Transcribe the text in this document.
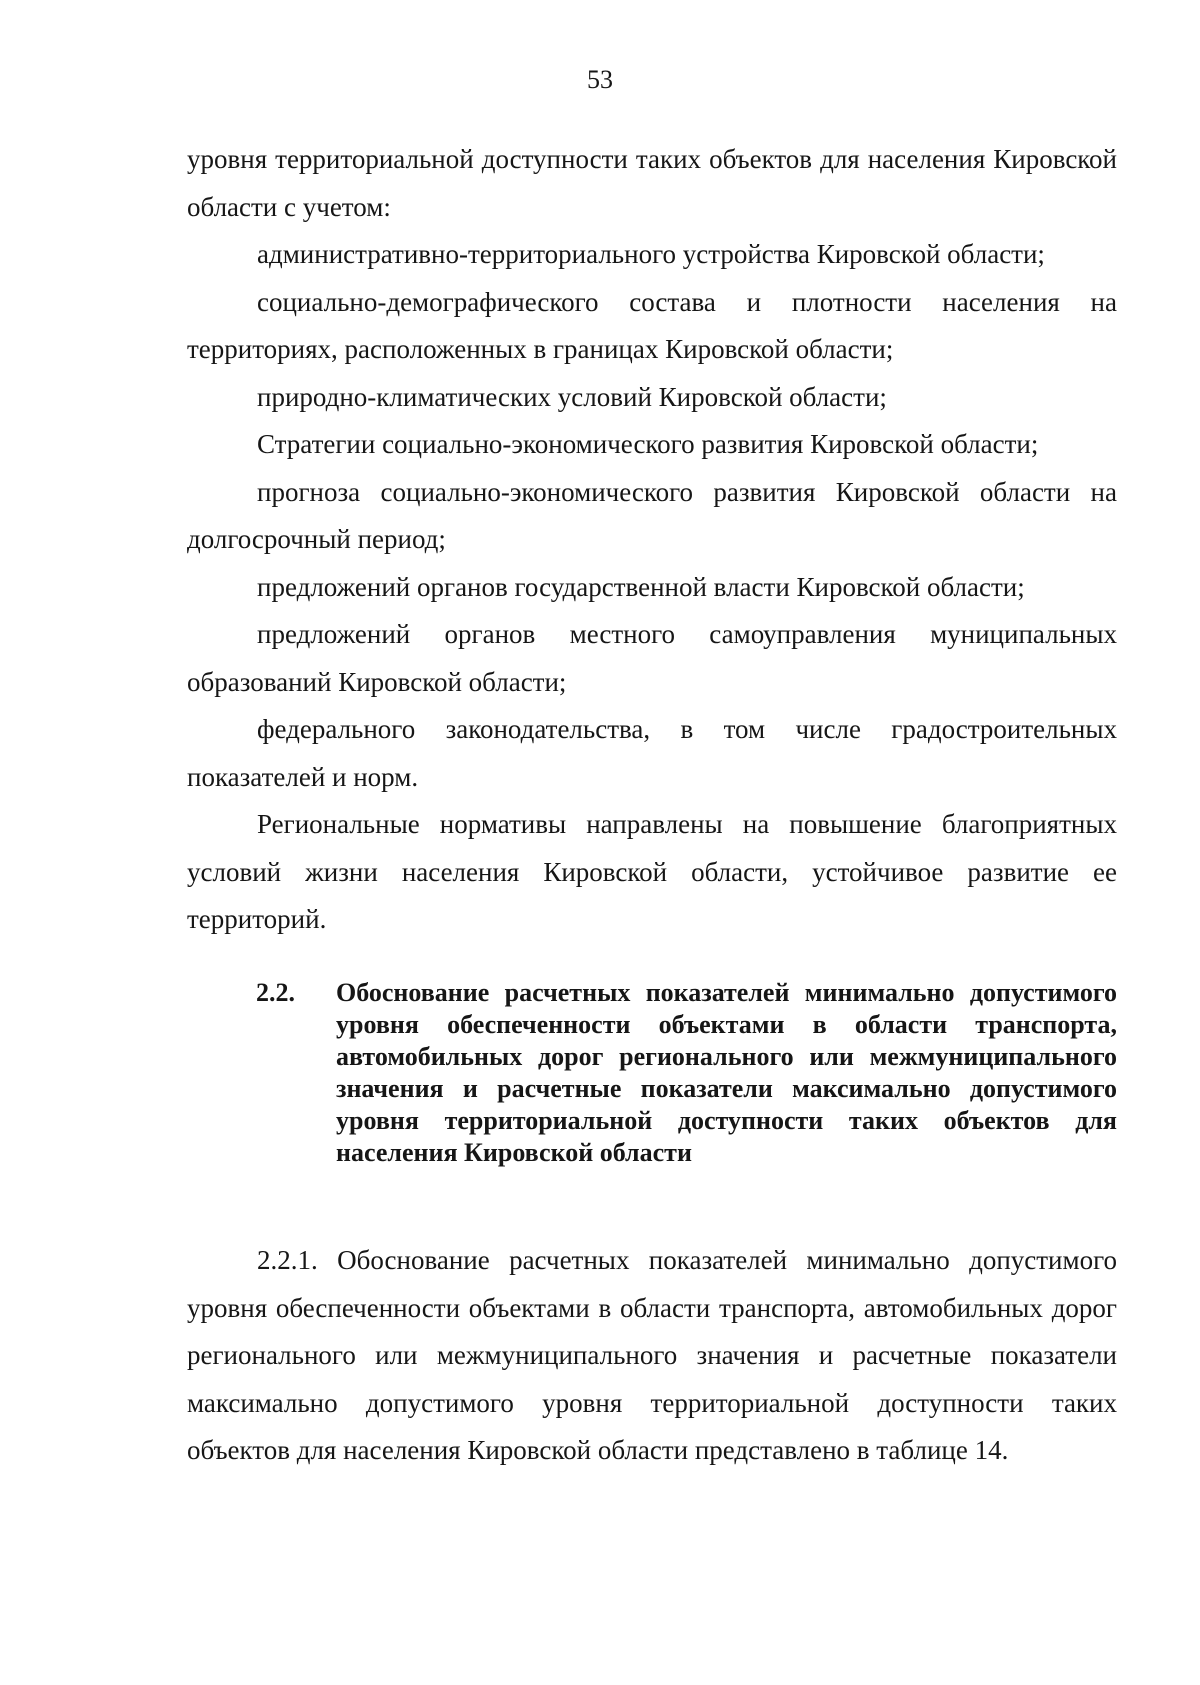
53

уровня территориальной доступности таких объектов для населения Кировской области с учетом:

административно-территориального устройства Кировской области;

социально-демографического состава и плотности населения на территориях, расположенных в границах Кировской области;

природно-климатических условий Кировской области;

Стратегии социально-экономического развития Кировской области;

прогноза социально-экономического развития Кировской области на долгосрочный период;

предложений органов государственной власти Кировской области;

предложений органов местного самоуправления муниципальных образований Кировской области;

федерального законодательства, в том числе градостроительных показателей и норм.

Региональные нормативы направлены на повышение благоприятных условий жизни населения Кировской области, устойчивое развитие ее территорий.

2.2. Обоснование расчетных показателей минимально допустимого уровня обеспеченности объектами в области транспорта, автомобильных дорог регионального или межмуниципального значения и расчетные показатели максимально допустимого уровня территориальной доступности таких объектов для населения Кировской области

2.2.1. Обоснование расчетных показателей минимально допустимого уровня обеспеченности объектами в области транспорта, автомобильных дорог регионального или межмуниципального значения и расчетные показатели максимально допустимого уровня территориальной доступности таких объектов для населения Кировской области представлено в таблице 14.
